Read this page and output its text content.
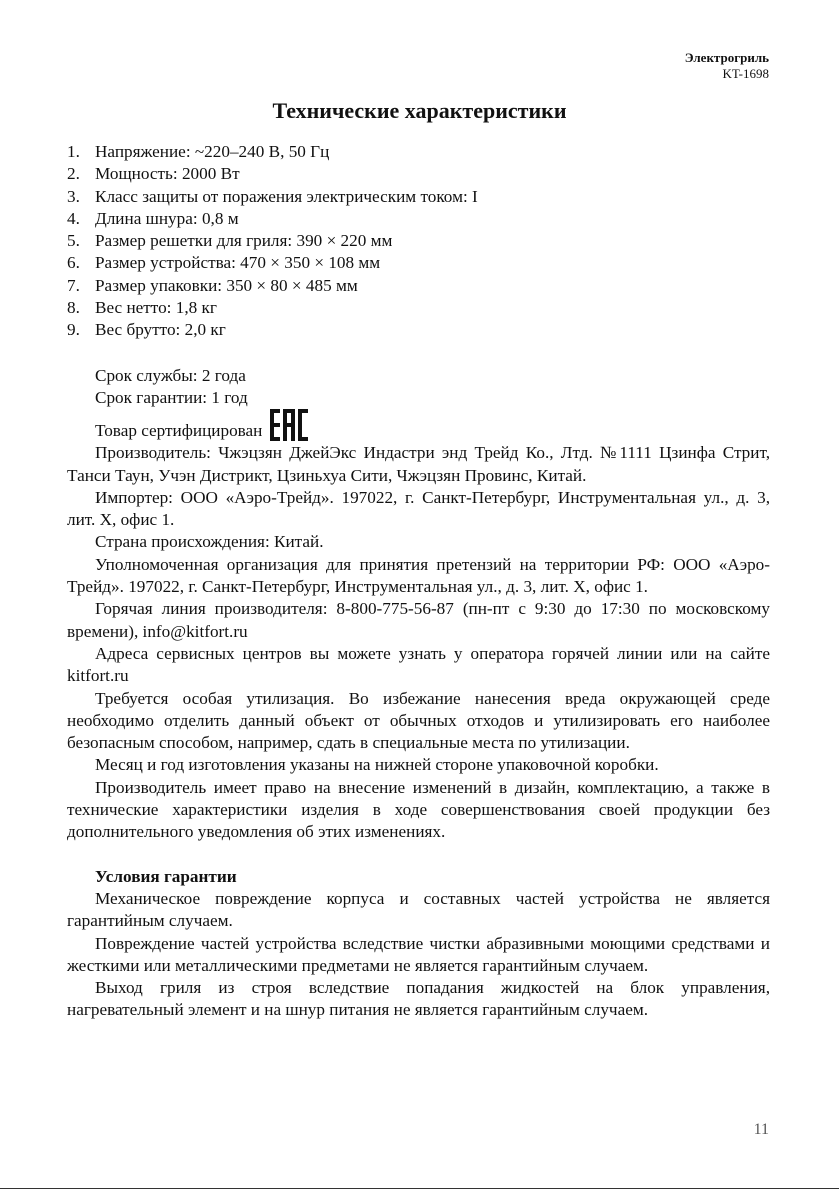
Электрогриль
KT-1698
Технические характеристики
1. Напряжение: ~220–240 В, 50 Гц
2. Мощность: 2000 Вт
3. Класс защиты от поражения электрическим током: I
4. Длина шнура: 0,8 м
5. Размер решетки для гриля: 390 × 220 мм
6. Размер устройства: 470 × 350 × 108 мм
7. Размер упаковки: 350 × 80 × 485 мм
8. Вес нетто: 1,8 кг
9. Вес брутто: 2,0 кг
Срок службы: 2 года
Срок гарантии: 1 год
Товар сертифицирован

Производитель: Чжэцзян ДжейЭкс Индастри энд Трейд Ко., Лтд. №1111 Цзинфа Стрит, Танси Таун, Учэн Дистрикт, Цзиньхуа Сити, Чжэцзян Провинс, Китай.

Импортер: ООО «Аэро-Трейд». 197022, г. Санкт-Петербург, Инструментальная ул., д. 3, лит. Х, офис 1.

Страна происхождения: Китай.

Уполномоченная организация для принятия претензий на территории РФ: ООО «Аэро-Трейд». 197022, г. Санкт-Петербург, Инструментальная ул., д. 3, лит. Х, офис 1.

Горячая линия производителя: 8-800-775-56-87 (пн-пт с 9:30 до 17:30 по московскому времени), info@kitfort.ru

Адреса сервисных центров вы можете узнать у оператора горячей линии или на сайте kitfort.ru

Требуется особая утилизация. Во избежание нанесения вреда окружающей среде необходимо отделить данный объект от обычных отходов и утилизировать его наиболее безопасным способом, например, сдать в специальные места по утилизации.

Месяц и год изготовления указаны на нижней стороне упаковочной коробки.

Производитель имеет право на внесение изменений в дизайн, комплектацию, а также в технические характеристики изделия в ходе совершенствования своей продукции без дополнительного уведомления об этих изменениях.

Условия гарантии

Механическое повреждение корпуса и составных частей устройства не является гарантийным случаем.

Повреждение частей устройства вследствие чистки абразивными моющими средствами и жесткими или металлическими предметами не является гарантийным случаем.

Выход гриля из строя вследствие попадания жидкостей на блок управления, нагревательный элемент и на шнур питания не является гарантийным случаем.

11
